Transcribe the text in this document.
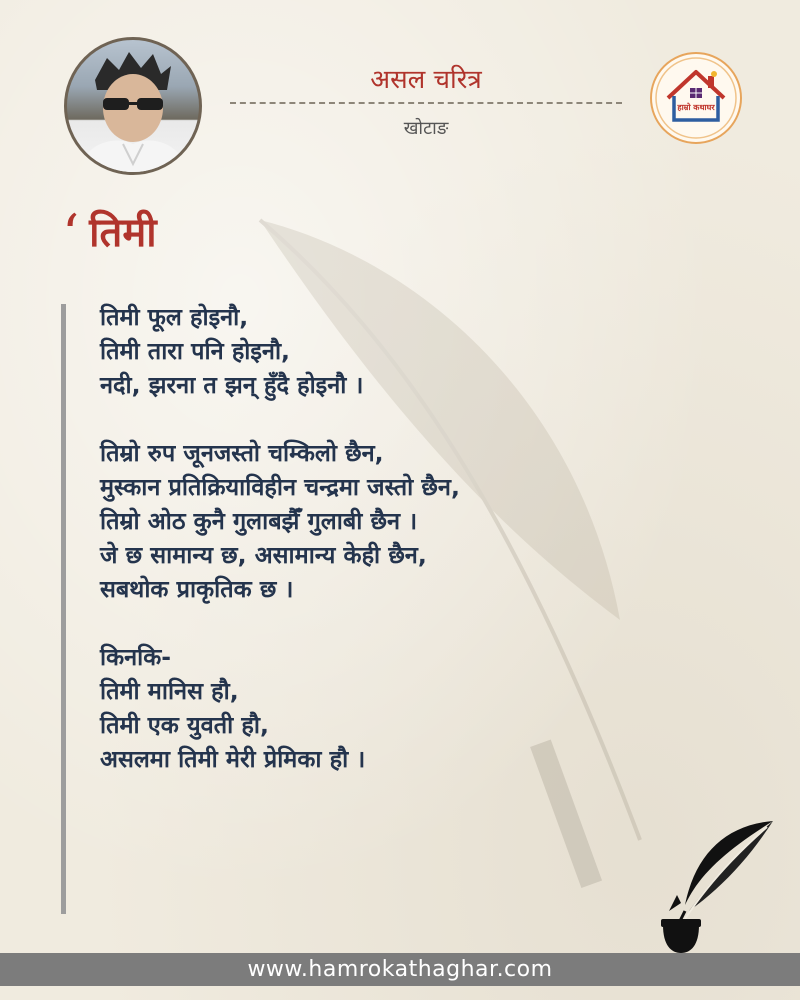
असल चरित्र
खोटाङ
हाम्रो कथाघर
‘ तिमी
तिमी फूल होइनौ,
तिमी तारा पनि होइनौ,
नदी, झरना त झन् हुँदै होइनौ ।
तिम्रो रुप जूनजस्तो चम्किलो छैन,
मुस्कान प्रतिक्रियाविहीन चन्द्रमा जस्तो छैन,
तिम्रो ओठ कुनै गुलाबझैँ गुलाबी छैन ।
जे छ सामान्य छ, असामान्य केही छैन,
सबथोक प्राकृतिक छ ।
किनकि-
तिमी मानिस हौ,
तिमी एक युवती हौ,
असलमा तिमी मेरी प्रेमिका हौ ।
www.hamrokathaghar.com
